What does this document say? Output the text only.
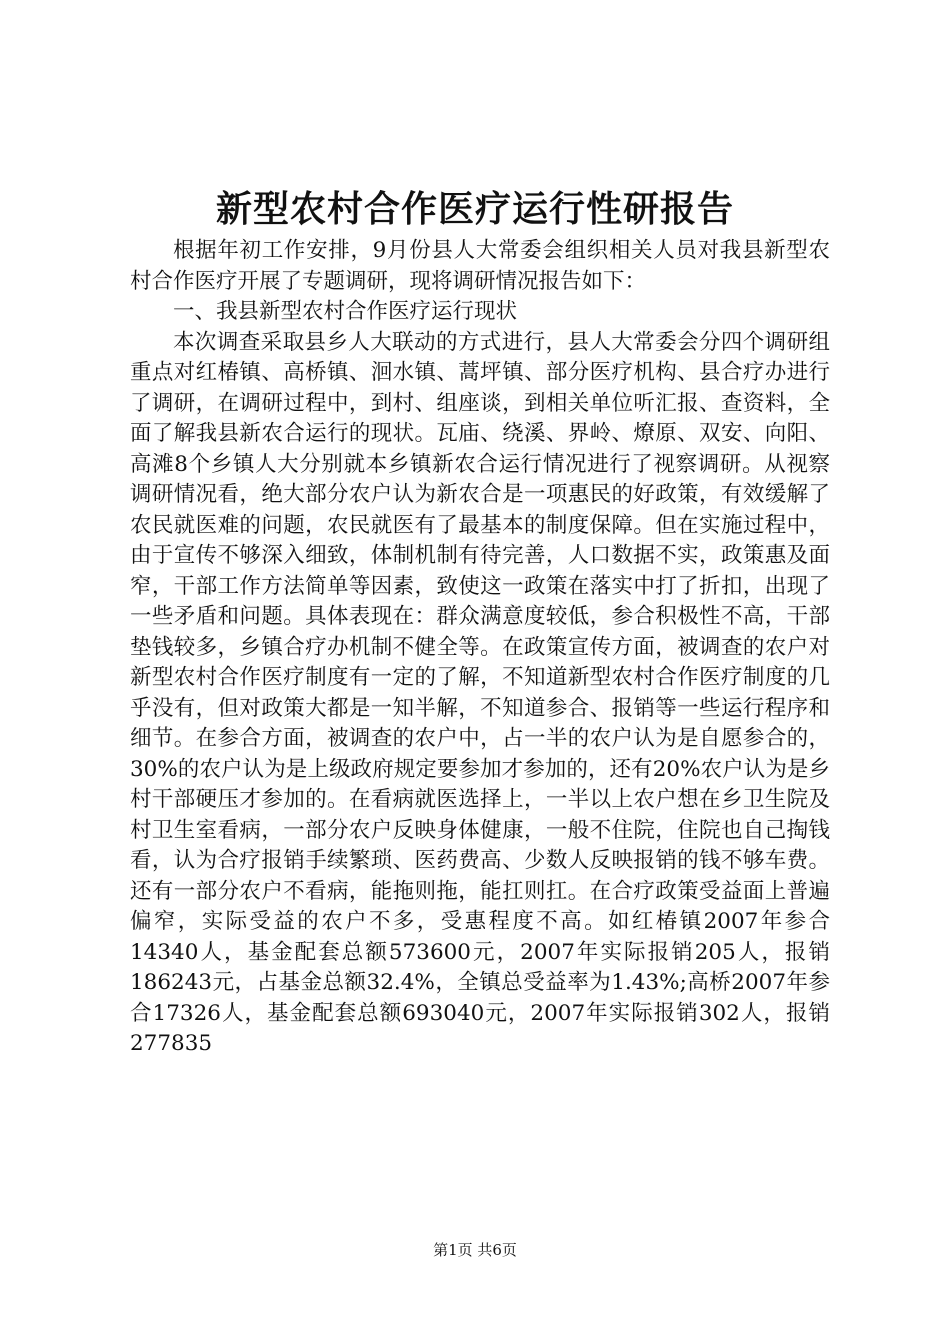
新型农村合作医疗运行性研报告

根据年初工作安排，9月份县人大常委会组织相关人员对我县新型农村合作医疗开展了专题调研，现将调研情况报告如下：

一、我县新型农村合作医疗运行现状

本次调查采取县乡人大联动的方式进行，县人大常委会分四个调研组重点对红椿镇、高桥镇、洄水镇、蒿坪镇、部分医疗机构、县合疗办进行了调研，在调研过程中，到村、组座谈，到相关单位听汇报、查资料，全面了解我县新农合运行的现状。瓦庙、绕溪、界岭、燎原、双安、向阳、高滩8个乡镇人大分别就本乡镇新农合运行情况进行了视察调研。从视察调研情况看，绝大部分农户认为新农合是一项惠民的好政策，有效缓解了农民就医难的问题，农民就医有了最基本的制度保障。但在实施过程中，由于宣传不够深入细致，体制机制有待完善，人口数据不实，政策惠及面窄，干部工作方法简单等因素，致使这一政策在落实中打了折扣，出现了一些矛盾和问题。具体表现在：群众满意度较低，参合积极性不高，干部垫钱较多，乡镇合疗办机制不健全等。在政策宣传方面，被调查的农户对新型农村合作医疗制度有一定的了解，不知道新型农村合作医疗制度的几乎没有，但对政策大都是一知半解，不知道参合、报销等一些运行程序和细节。在参合方面，被调查的农户中，占一半的农户认为是自愿参合的，30%的农户认为是上级政府规定要参加才参加的，还有20%农户认为是乡村干部硬压才参加的。在看病就医选择上，一半以上农户想在乡卫生院及村卫生室看病，一部分农户反映身体健康，一般不住院，住院也自己掏钱看，认为合疗报销手续繁琐、医药费高、少数人反映报销的钱不够车费。还有一部分农户不看病，能拖则拖，能扛则扛。在合疗政策受益面上普遍偏窄，实际受益的农户不多，受惠程度不高。如红椿镇2007年参合14340人，基金配套总额573600元，2007年实际报销205人，报销186243元，占基金总额32.4%，全镇总受益率为1.43%;高桥2007年参合17326人，基金配套总额693040元，2007年实际报销302人，报销277835

第1页 共6页
